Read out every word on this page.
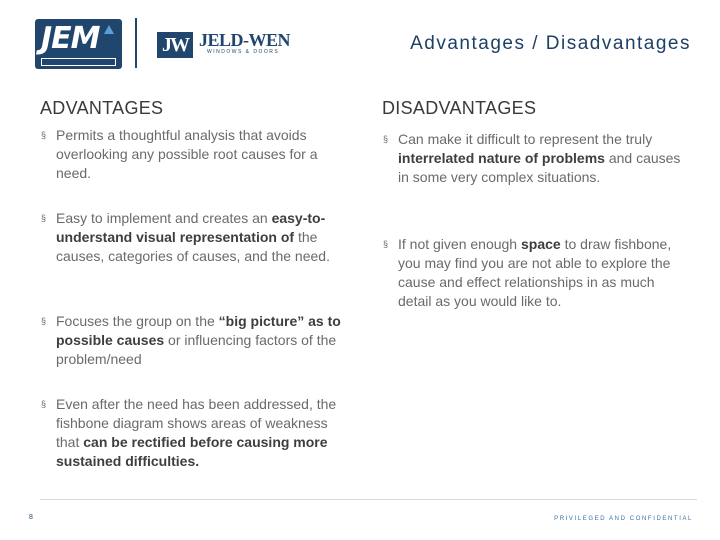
JEM	JW JELD-WEN
WINDOWS & DOORS	Advantages / Disadvantages
ADVANTAGES
§ Permits a thoughtful analysis that avoids overlooking any possible root causes for a need.
§ Easy to implement and creates an easy-to-understand visual representation of the causes, categories of causes, and the need.
§ Focuses the group on the “big picture” as to possible causes or influencing factors of the problem/need
§ Even after the need has been addressed, the fishbone diagram shows areas of weakness that can be rectified before causing more sustained difficulties.
DISADVANTAGES
§ Can make it difficult to represent the truly interrelated nature of problems and causes in some very complex situations.
§ If not given enough space to draw fishbone, you may find you are not able to explore the cause and effect relationships in as much detail as you would like to.
8	PRIVILEGED AND CONFIDENTIAL
